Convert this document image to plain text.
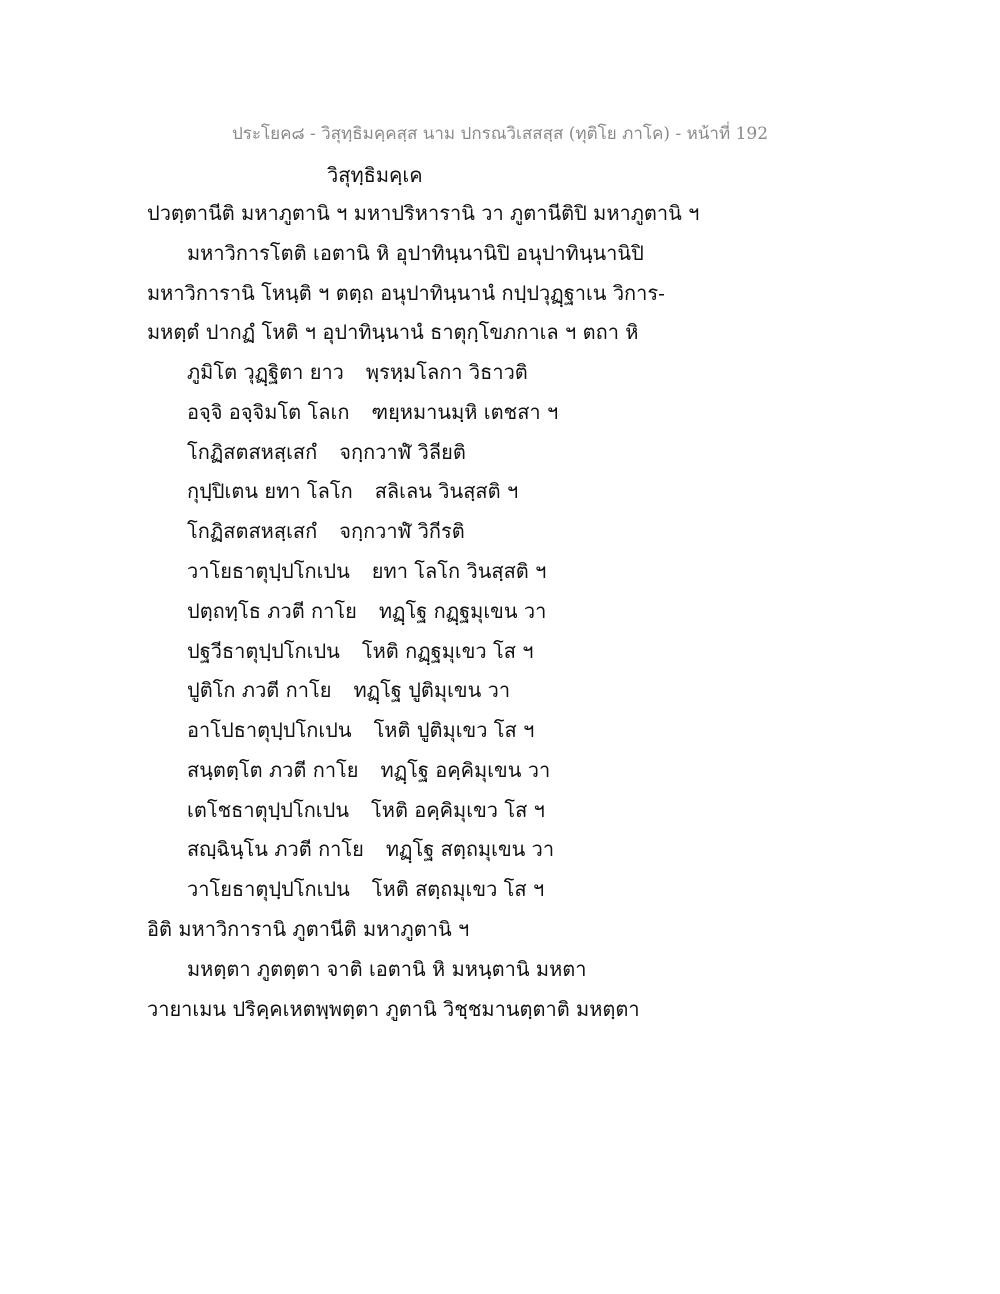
ประโยค๘ - วิสุทฺธิมคฺคสฺส นาม ปกรณวิเสสสฺส (ทุติโย ภาโค) - หน้าที่ 192
วิสุทฺธิมคฺเค
ปวตฺตานีติ มหาภูตานิ ฯ มหาปริหารานิ วา ภูตานีติปิ มหาภูตานิ ฯ
มหาวิการโตติ เอตานิ หิ อุปาทินฺนานิปิ อนุปาทินฺนานิปิ
มหาวิการานิ โหนฺติ ฯ ตตฺถ อนุปาทินฺนานํ กปฺปวุฏฺฐาเน วิการ-
มหตฺตํ ปากฏํ โหติ ฯ อุปาทินฺนานํ ธาตุกฺโขภกาเล ฯ ตถา หิ
ภูมิโต วุฏฺฐิตา ยาว พฺรหฺมโลกา วิธาวติ
อจฺจิ อจฺจิมโต โลเก ฑยฺหมานมฺหิ เตชสา ฯ
โกฏิสตสหสฺเสกํ จกฺกวาฬํ วิลียติ
กุปฺปิเตน ยทา โลโก สลิเลน วินสฺสติ ฯ
โกฏิสตสหสฺเสกํ จกฺกวาฬํ วิกีรติ
วาโยธาตุปฺปโกเปน ยทา โลโก วินสฺสติ ฯ
ปตฺถทฺโธ ภวตี กาโย ทฏฺโฐ กฏฺฐมุเขน วา
ปฐวีธาตุปฺปโกเปน โหติ กฏฺฐมุเขว โส ฯ
ปูติโก ภวตี กาโย ทฏฺโฐ ปูติมุเขน วา
อาโปธาตุปฺปโกเปน โหติ ปูติมุเขว โส ฯ
สนฺตตฺโต ภวตี กาโย ทฏฺโฐ อคฺคิมุเขน วา
เตโชธาตุปฺปโกเปน โหติ อคฺคิมุเขว โส ฯ
สญฺฉินฺโน ภวตี กาโย ทฏฺโฐ สตฺถมุเขน วา
วาโยธาตุปฺปโกเปน โหติ สตฺถมุเขว โส ฯ
อิติ มหาวิการานิ ภูตานีติ มหาภูตานิ ฯ
มหตฺตา ภูตตฺตา จาติ เอตานิ หิ มหนฺตานิ มหตา
วายาเมน ปริคฺคเหตพฺพตฺตา ภูตานิ วิชฺชมานตฺตาติ มหตฺตา
